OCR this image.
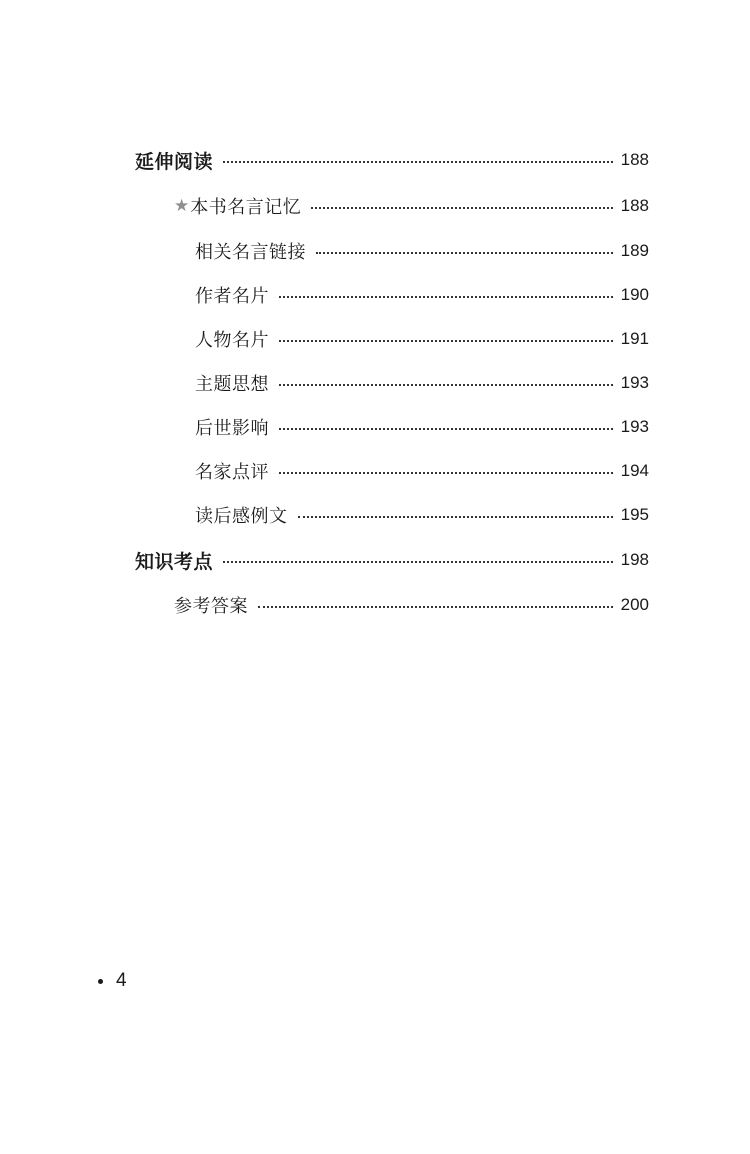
延伸阅读	188
★ 本书名言记忆	188
相关名言链接	189
作者名片	190
人物名片	191
主题思想	193
后世影响	193
名家点评	194
读后感例文	195
知识考点	198
参考答案	200
4
